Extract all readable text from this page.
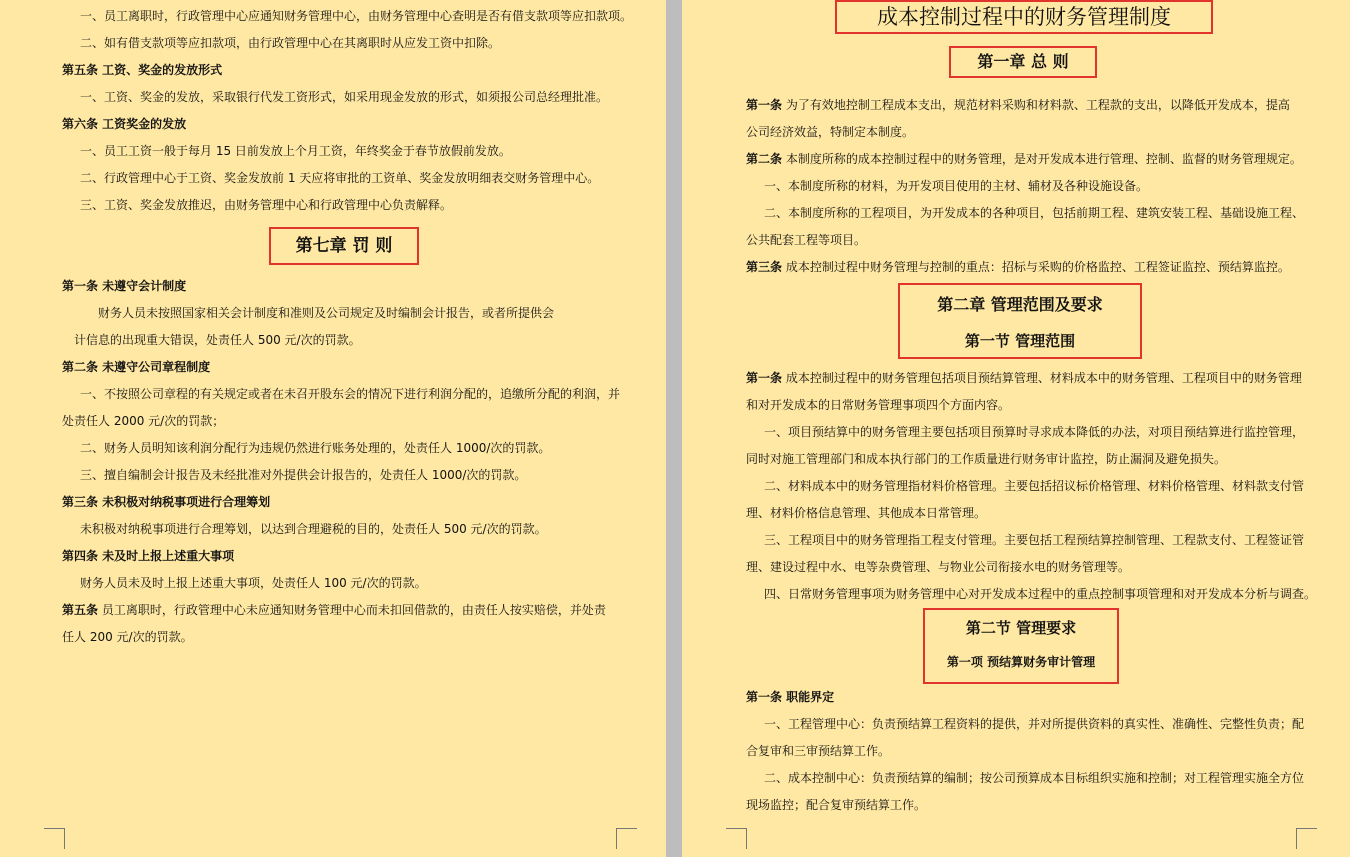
一、员工离职时，行政管理中心应通知财务管理中心，由财务管理中心查明是否有借支款项等应扣款项。
二、如有借支款项等应扣款项，由行政管理中心在其离职时从应发工资中扣除。
第五条 工资、奖金的发放形式
一、工资、奖金的发放，采取银行代发工资形式，如采用现金发放的形式，如须报公司总经理批准。
第六条 工资奖金的发放
一、员工工资一般于每月 15 日前发放上个月工资，年终奖金于春节放假前发放。
二、行政管理中心于工资、奖金发放前 1 天应将审批的工资单、奖金发放明细表交财务管理中心。
三、工资、奖金发放推迟，由财务管理中心和行政管理中心负责解释。
第七章 罚 则
第一条 未遵守会计制度
财务人员未按照国家相关会计制度和准则及公司规定及时编制会计报告，或者所提供会
计信息的出现重大错误，处责任人 500 元/次的罚款。
第二条 未遵守公司章程制度
一、不按照公司章程的有关规定或者在未召开股东会的情况下进行利润分配的，追缴所分配的利润，并
处责任人 2000 元/次的罚款；
二、财务人员明知该利润分配行为违规仍然进行账务处理的，处责任人 1000/次的罚款。
三、擅自编制会计报告及未经批准对外提供会计报告的，处责任人 1000/次的罚款。
第三条 未积极对纳税事项进行合理筹划
未积极对纳税事项进行合理筹划，以达到合理避税的目的，处责任人 500 元/次的罚款。
第四条 未及时上报上述重大事项
财务人员未及时上报上述重大事项，处责任人 100 元/次的罚款。
第五条 员工离职时，行政管理中心未应通知财务管理中心而未扣回借款的，由责任人按实赔偿，并处责
任人 200 元/次的罚款。
成本控制过程中的财务管理制度
第一章 总 则
第一条 为了有效地控制工程成本支出，规范材料采购和材料款、工程款的支出，以降低开发成本，提高
公司经济效益，特制定本制度。
第二条 本制度所称的成本控制过程中的财务管理，是对开发成本进行管理、控制、监督的财务管理规定。
一、本制度所称的材料，为开发项目使用的主材、辅材及各种设施设备。
二、本制度所称的工程项目，为开发成本的各种项目，包括前期工程、建筑安装工程、基础设施工程、
公共配套工程等项目。
第三条 成本控制过程中财务管理与控制的重点：招标与采购的价格监控、工程签证监控、预结算监控。
第二章 管理范围及要求
第一节 管理范围
第一条 成本控制过程中的财务管理包括项目预结算管理、材料成本中的财务管理、工程项目中的财务管理
和对开发成本的日常财务管理事项四个方面内容。
一、项目预结算中的财务管理主要包括项目预算时寻求成本降低的办法，对项目预结算进行监控管理，
同时对施工管理部门和成本执行部门的工作质量进行财务审计监控，防止漏洞及避免损失。
二、材料成本中的财务管理指材料价格管理。主要包括招议标价格管理、材料价格管理、材料款支付管
理、材料价格信息管理、其他成本日常管理。
三、工程项目中的财务管理指工程支付管理。主要包括工程预结算控制管理、工程款支付、工程签证管
理、建设过程中水、电等杂费管理、与物业公司衔接水电的财务管理等。
四、日常财务管理事项为财务管理中心对开发成本过程中的重点控制事项管理和对开发成本分析与调查。
第二节 管理要求
第一项 预结算财务审计管理
第一条 职能界定
一、工程管理中心：负责预结算工程资料的提供，并对所提供资料的真实性、准确性、完整性负责；配
合复审和三审预结算工作。
二、成本控制中心：负责预结算的编制；按公司预算成本目标组织实施和控制；对工程管理实施全方位
现场监控；配合复审预结算工作。
